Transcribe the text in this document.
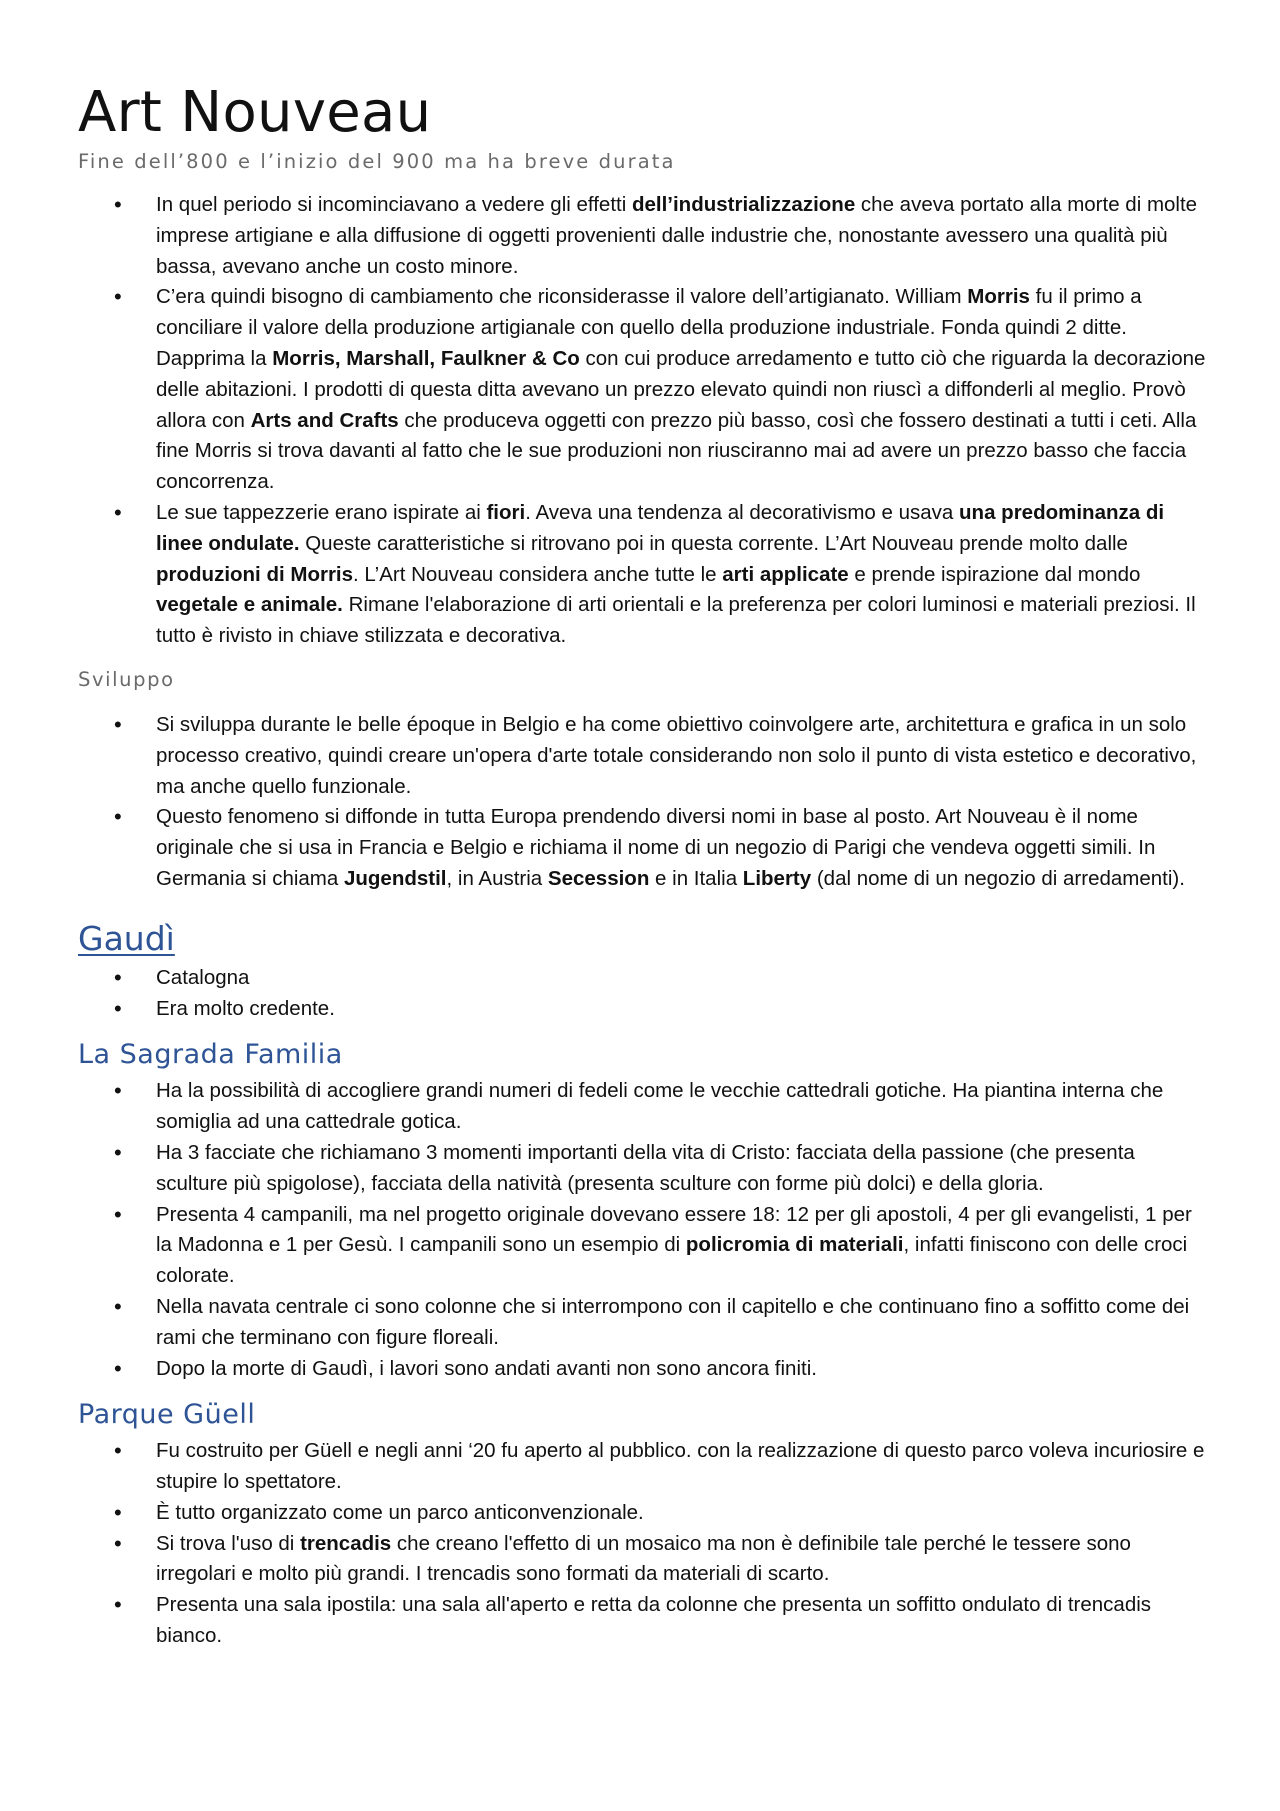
Art Nouveau
Fine dell’800 e l’inizio del 900 ma ha breve durata
• In quel periodo si incominciavano a vedere gli effetti dell’industrializzazione che aveva portato alla morte di molte imprese artigiane e alla diffusione di oggetti provenienti dalle industrie che, nonostante avessero una qualità più bassa, avevano anche un costo minore.
• C’era quindi bisogno di cambiamento che riconsiderasse il valore dell’artigianato. William Morris fu il primo a conciliare il valore della produzione artigianale con quello della produzione industriale. Fonda quindi 2 ditte. Dapprima la Morris, Marshall, Faulkner & Co con cui produce arredamento e tutto ciò che riguarda la decorazione delle abitazioni. I prodotti di questa ditta avevano un prezzo elevato quindi non riuscì a diffonderli al meglio. Provò allora con Arts and Crafts che produceva oggetti con prezzo più basso, così che fossero destinati a tutti i ceti. Alla fine Morris si trova davanti al fatto che le sue produzioni non riusciranno mai ad avere un prezzo basso che faccia concorrenza.
• Le sue tappezzerie erano ispirate ai fiori. Aveva una tendenza al decorativismo e usava una predominanza di linee ondulate. Queste caratteristiche si ritrovano poi in questa corrente. L’Art Nouveau prende molto dalle produzioni di Morris. L’Art Nouveau considera anche tutte le arti applicate e prende ispirazione dal mondo vegetale e animale. Rimane l'elaborazione di arti orientali e la preferenza per colori luminosi e materiali preziosi. Il tutto è rivisto in chiave stilizzata e decorativa.
Sviluppo
• Si sviluppa durante le belle époque in Belgio e ha come obiettivo coinvolgere arte, architettura e grafica in un solo processo creativo, quindi creare un'opera d'arte totale considerando non solo il punto di vista estetico e decorativo, ma anche quello funzionale.
• Questo fenomeno si diffonde in tutta Europa prendendo diversi nomi in base al posto. Art Nouveau è il nome originale che si usa in Francia e Belgio e richiama il nome di un negozio di Parigi che vendeva oggetti simili. In Germania si chiama Jugendstil, in Austria Secession e in Italia Liberty (dal nome di un negozio di arredamenti).
Gaudì
• Catalogna
• Era molto credente.
La Sagrada Familia
• Ha la possibilità di accogliere grandi numeri di fedeli come le vecchie cattedrali gotiche. Ha piantina interna che somiglia ad una cattedrale gotica.
• Ha 3 facciate che richiamano 3 momenti importanti della vita di Cristo: facciata della passione (che presenta sculture più spigolose), facciata della natività (presenta sculture con forme più dolci) e della gloria.
• Presenta 4 campanili, ma nel progetto originale dovevano essere 18: 12 per gli apostoli, 4 per gli evangelisti, 1 per la Madonna e 1 per Gesù. I campanili sono un esempio di policromia di materiali, infatti finiscono con delle croci colorate.
• Nella navata centrale ci sono colonne che si interrompono con il capitello e che continuano fino a soffitto come dei rami che terminano con figure floreali.
• Dopo la morte di Gaudì, i lavori sono andati avanti non sono ancora finiti.
Parque Güell
• Fu costruito per Güell e negli anni ‘20 fu aperto al pubblico. con la realizzazione di questo parco voleva incuriosire e stupire lo spettatore.
• È tutto organizzato come un parco anticonvenzionale.
• Si trova l'uso di trencadis che creano l'effetto di un mosaico ma non è definibile tale perché le tessere sono irregolari e molto più grandi. I trencadis sono formati da materiali di scarto.
• Presenta una sala ipostila: una sala all'aperto e retta da colonne che presenta un soffitto ondulato di trencadis bianco.
